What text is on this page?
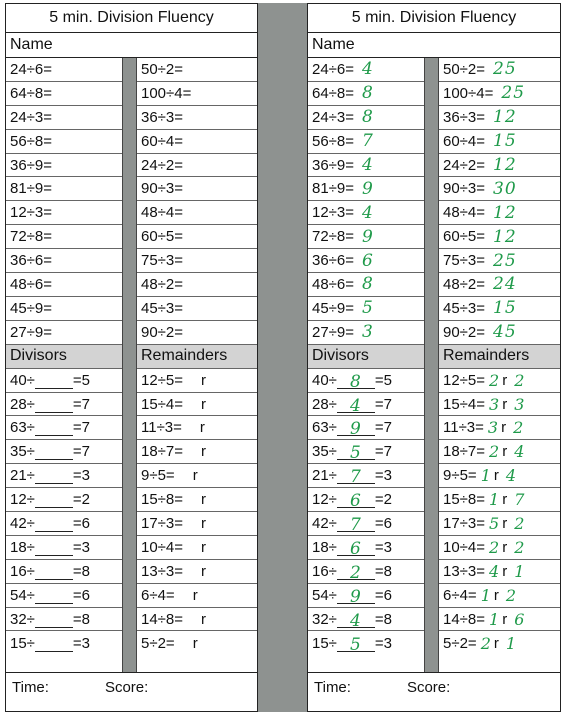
5 min. Division Fluency
Name
24÷6=
64÷8=
24÷3=
56÷8=
36÷9=
81÷9=
12÷3=
72÷8=
36÷6=
48÷6=
45÷9=
27÷9=
Divisors
40÷	=5
28÷	=7
63÷	=7
35÷	=7
21÷	=3
12÷	=2
42÷	=6
18÷	=3
16÷	=8
54÷	=6
32÷	=8
15÷	=3
50÷2=
100÷4=
36÷3=
60÷4=
24÷2=
90÷3=
48÷4=
60÷5=
75÷3=
48÷2=
45÷3=
90÷2=
Remainders
12÷5= r
15÷4= r
11÷3= r
18÷7= r
9÷5= r
15÷8= r
17÷3= r
10÷4= r
13÷3= r
6÷4= r
14÷8= r
5÷2= r
Time:	Score:
5 min. Division Fluency
Name
24÷6= 4
64÷8= 8
24÷3= 8
56÷8= 7
36÷9= 4
81÷9= 9
12÷3= 4
72÷8= 9
36÷6= 6
48÷6= 8
45÷9= 5
27÷9= 3
Divisors
40÷ 8 =5
28÷ 4 =7
63÷ 9 =7
35÷ 5 =7
21÷ 7 =3
12÷ 6 =2
42÷ 7 =6
18÷ 6 =3
16÷ 2 =8
54÷ 9 =6
32÷ 4 =8
15÷ 5 =3
50÷2= 25
100÷4= 25
36÷3= 12
60÷4= 15
24÷2= 12
90÷3= 30
48÷4= 12
60÷5= 12
75÷3= 25
48÷2= 24
45÷3= 15
90÷2= 45
Remainders
12÷5= 2 r 2
15÷4= 3 r 3
11÷3= 3 r 2
18÷7= 2 r 4
9÷5= 1 r 4
15÷8= 1 r 7
17÷3= 5 r 2
10÷4= 2 r 2
13÷3= 4 r 1
6÷4= 1 r 2
14÷8= 1 r 6
5÷2= 2 r 1
Time:	Score:
